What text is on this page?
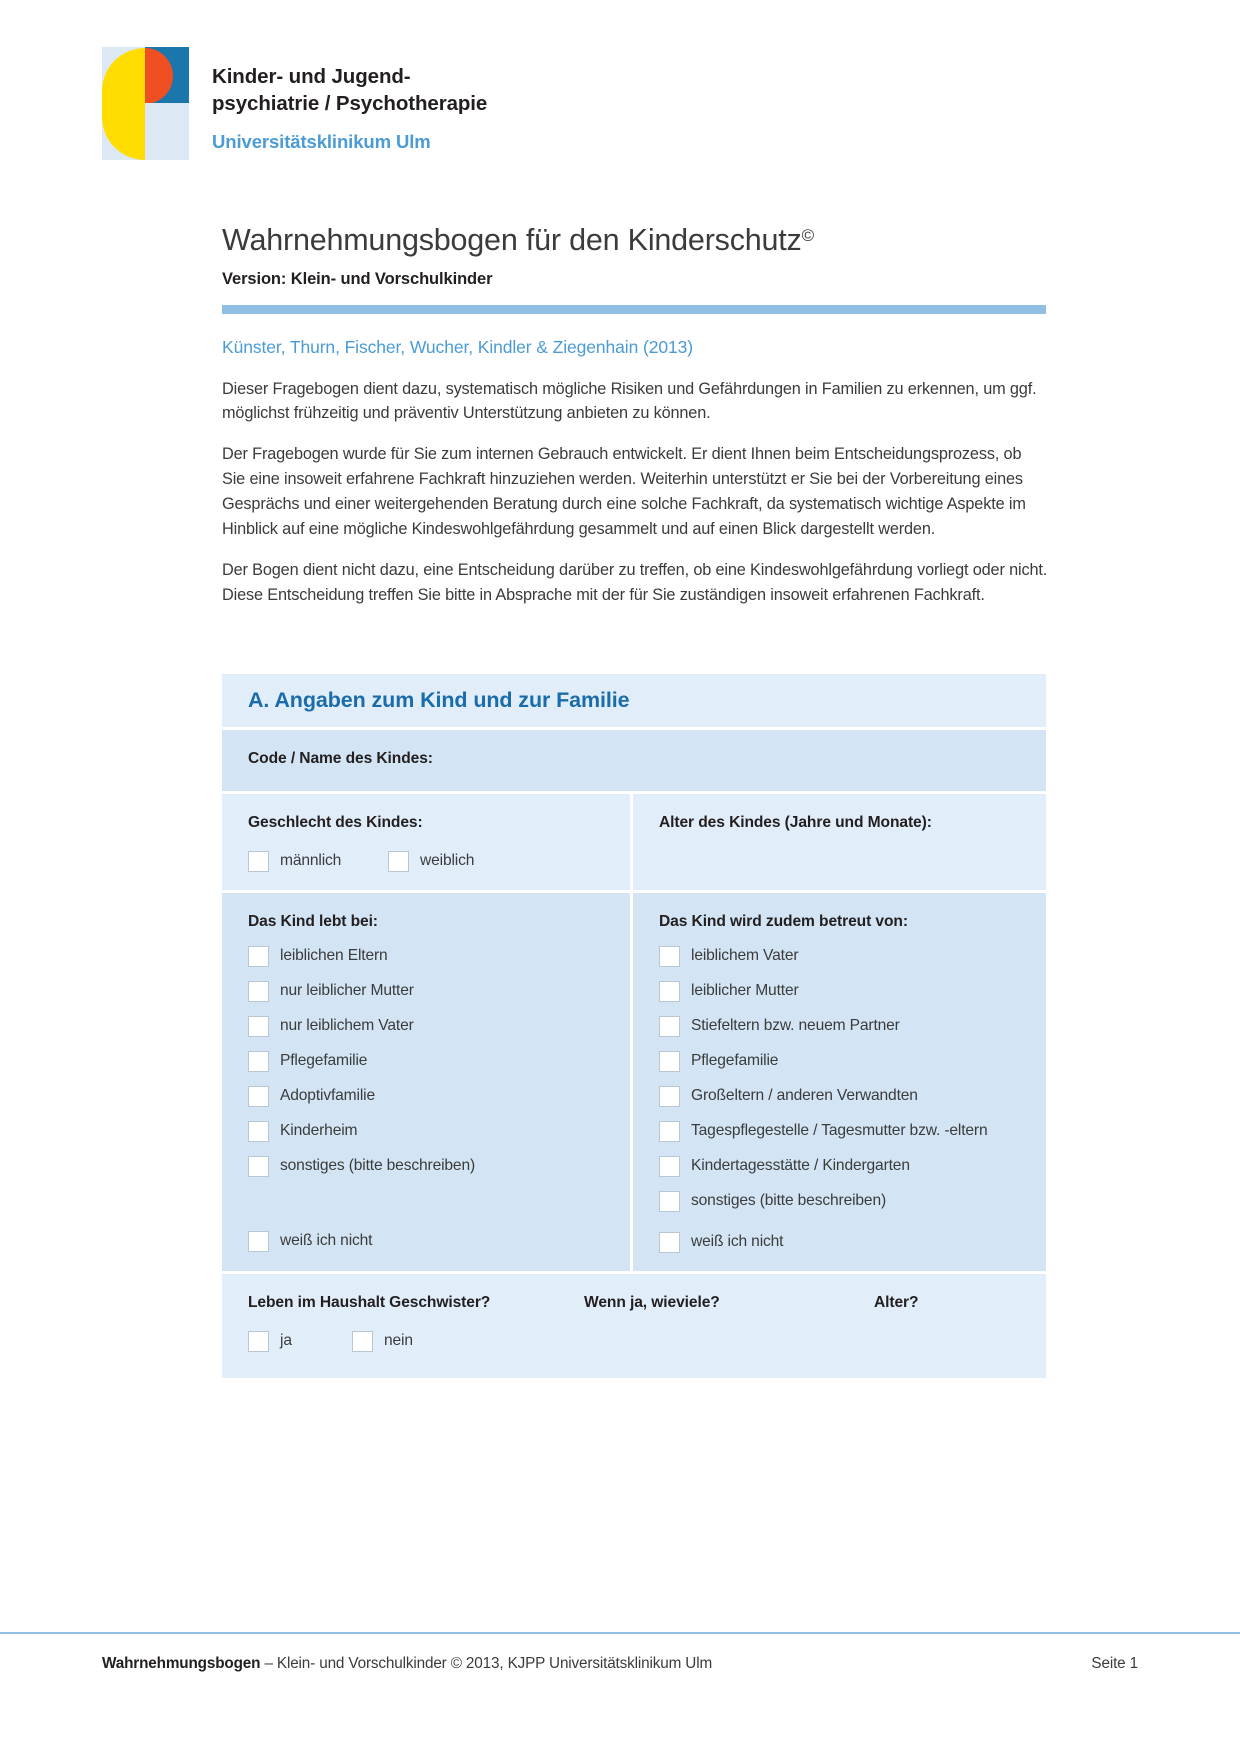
Kinder- und Jugend-
psychiatrie / Psychotherapie
Universitätsklinikum Ulm
Wahrnehmungsbogen für den Kinderschutz©
Version: Klein- und Vorschulkinder
Künster, Thurn, Fischer, Wucher, Kindler & Ziegenhain (2013)

Dieser Fragebogen dient dazu, systematisch mögliche Risiken und Gefährdungen in Familien zu erkennen, um ggf. möglichst frühzeitig und präventiv Unterstützung anbieten zu können.

Der Fragebogen wurde für Sie zum internen Gebrauch entwickelt. Er dient Ihnen beim Entscheidungsprozess, ob Sie eine insoweit erfahrene Fachkraft hinzuziehen werden. Weiterhin unterstützt er Sie bei der Vorbereitung eines Gesprächs und einer weitergehenden Beratung durch eine solche Fachkraft, da systematisch wichtige Aspekte im Hinblick auf eine mögliche Kindeswohlgefährdung gesammelt und auf einen Blick dargestellt werden.

Der Bogen dient nicht dazu, eine Entscheidung darüber zu treffen, ob eine Kindeswohlgefährdung vorliegt oder nicht. Diese Entscheidung treffen Sie bitte in Absprache mit der für Sie zuständigen insoweit erfahrenen Fachkraft.

A. Angaben zum Kind und zur Familie
Code / Name des Kindes:
Geschlecht des Kindes:
männlich	weiblich
Alter des Kindes (Jahre und Monate):
Das Kind lebt bei:
leiblichen Eltern
nur leiblicher Mutter
nur leiblichem Vater
Pflegefamilie
Adoptivfamilie
Kinderheim
sonstiges (bitte beschreiben)
weiß ich nicht
Das Kind wird zudem betreut von:
leiblichem Vater
leiblicher Mutter
Stiefeltern bzw. neuem Partner
Pflegefamilie
Großeltern / anderen Verwandten
Tagespflegestelle / Tagesmutter bzw. -eltern
Kindertagesstätte / Kindergarten
sonstiges (bitte beschreiben)
weiß ich nicht
Leben im Haushalt Geschwister?
ja	nein
Wenn ja, wieviele?	Alter?
Wahrnehmungsbogen – Klein- und Vorschulkinder © 2013, KJPP Universitätsklinikum Ulm	Seite 1
